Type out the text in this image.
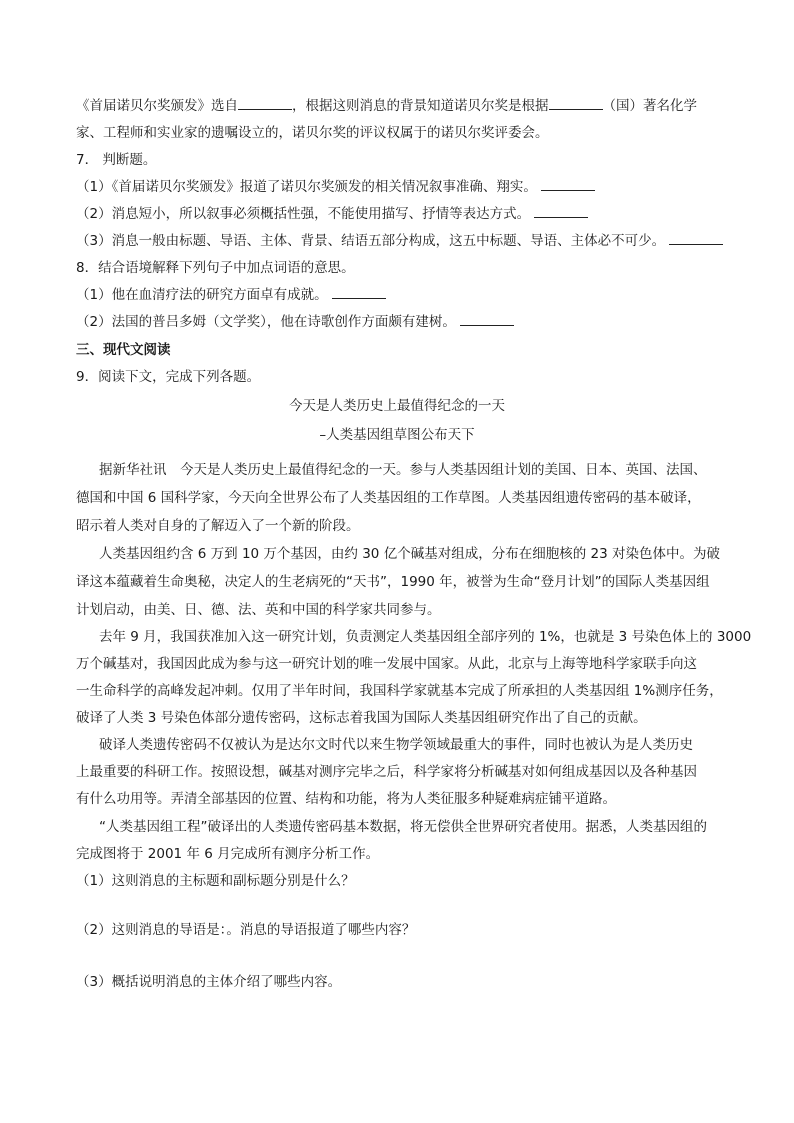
《首届诺贝尔奖颁发》选自	，根据这则消息的背景知道诺贝尔奖是根据	（国）著名化学
家、工程师和实业家的遗嘱设立的，诺贝尔奖的评议权属于的诺贝尔奖评委会。
7． 判断题。
（1）《首届诺贝尔奖颁发》报道了诺贝尔奖颁发的相关情况叙事准确、翔实。
（2）消息短小，所以叙事必须概括性强，不能使用描写、抒情等表达方式。
（3）消息一般由标题、导语、主体、背景、结语五部分构成，这五中标题、导语、主体必不可少。
8．结合语境解释下列句子中加点词语的意思。
（1）他在血清疗法的研究方面卓有成就。
（2）法国的普吕多姆（文学奖），他在诗歌创作方面颇有建树。
三、现代文阅读
9．阅读下文，完成下列各题。
今天是人类历史上最值得纪念的一天
–人类基因组草图公布天下
据新华社讯　今天是人类历史上最值得纪念的一天。参与人类基因组计划的美国、日本、英国、法国、
德国和中国 6 国科学家，今天向全世界公布了人类基因组的工作草图。人类基因组遗传密码的基本破译，
昭示着人类对自身的了解迈入了一个新的阶段。
人类基因组约含 6 万到 10 万个基因，由约 30 亿个碱基对组成，分布在细胞核的 23 对染色体中。为破
译这本蕴藏着生命奥秘，决定人的生老病死的“天书”，1990 年，被誉为生命“登月计划”的国际人类基因组
计划启动，由美、日、德、法、英和中国的科学家共同参与。
去年 9 月，我国获准加入这一研究计划，负责测定人类基因组全部序列的 1%，也就是 3 号染色体上的 3000
万个碱基对，我国因此成为参与这一研究计划的唯一发展中国家。从此，北京与上海等地科学家联手向这
一生命科学的高峰发起冲刺。仅用了半年时间，我国科学家就基本完成了所承担的人类基因组 1%测序任务，
破译了人类 3 号染色体部分遗传密码，这标志着我国为国际人类基因组研究作出了自己的贡献。
破译人类遗传密码不仅被认为是达尔文时代以来生物学领域最重大的事件，同时也被认为是人类历史
上最重要的科研工作。按照设想，碱基对测序完毕之后，科学家将分析碱基对如何组成基因以及各种基因
有什么功用等。弄清全部基因的位置、结构和功能，将为人类征服多种疑难病症铺平道路。
“人类基因组工程”破译出的人类遗传密码基本数据，将无偿供全世界研究者使用。据悉，人类基因组的
完成图将于 2001 年 6 月完成所有测序分析工作。
（1）这则消息的主标题和副标题分别是什么？
（2）这则消息的导语是：。消息的导语报道了哪些内容？
（3）概括说明消息的主体介绍了哪些内容。
